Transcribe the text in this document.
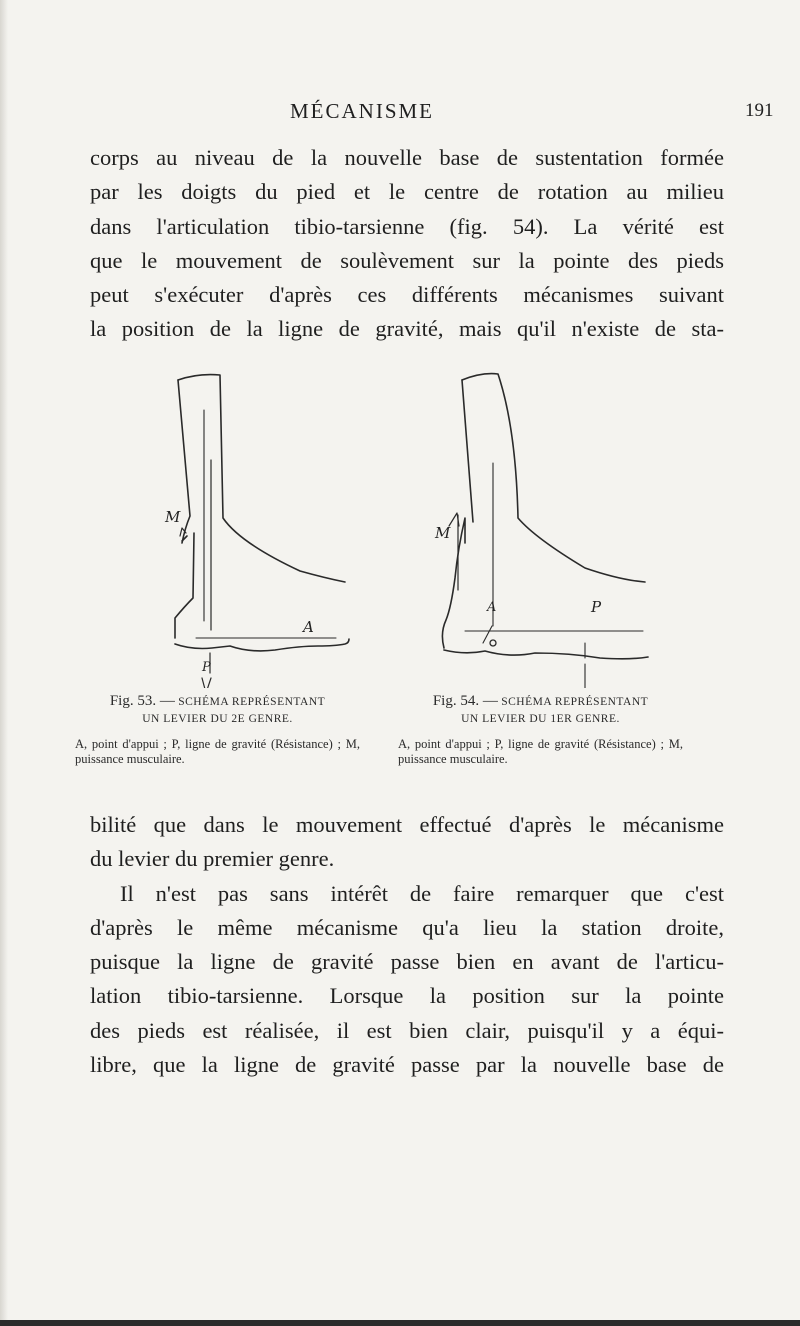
MÉCANISME	191
corps au niveau de la nouvelle base de sustentation formée
par les doigts du pied et le centre de rotation au milieu
dans l'articulation tibio-tarsienne (fig. 54). La vérité est
que le mouvement de soulèvement sur la pointe des pieds
peut s'exécuter d'après ces différents mécanismes suivant
la position de la ligne de gravité, mais qu'il n'existe de sta-
M
A
P
M
A	P
Fig. 53. — SCHÉMA REPRÉSENTANT
UN LEVIER DU 2E GENRE.
A, point d'appui ; P, ligne de gravité (Résistance) ; M, puissance musculaire.
Fig. 54. — SCHÉMA REPRÉSENTANT
UN LEVIER DU 1ER GENRE.
A, point d'appui ; P, ligne de gravité (Résistance) ; M, puissance musculaire.
bilité que dans le mouvement effectué d'après le mécanisme
du levier du premier genre.
Il n'est pas sans intérêt de faire remarquer que c'est
d'après le même mécanisme qu'a lieu la station droite,
puisque la ligne de gravité passe bien en avant de l'articu-
lation tibio-tarsienne. Lorsque la position sur la pointe
des pieds est réalisée, il est bien clair, puisqu'il y a équi-
libre, que la ligne de gravité passe par la nouvelle base de
